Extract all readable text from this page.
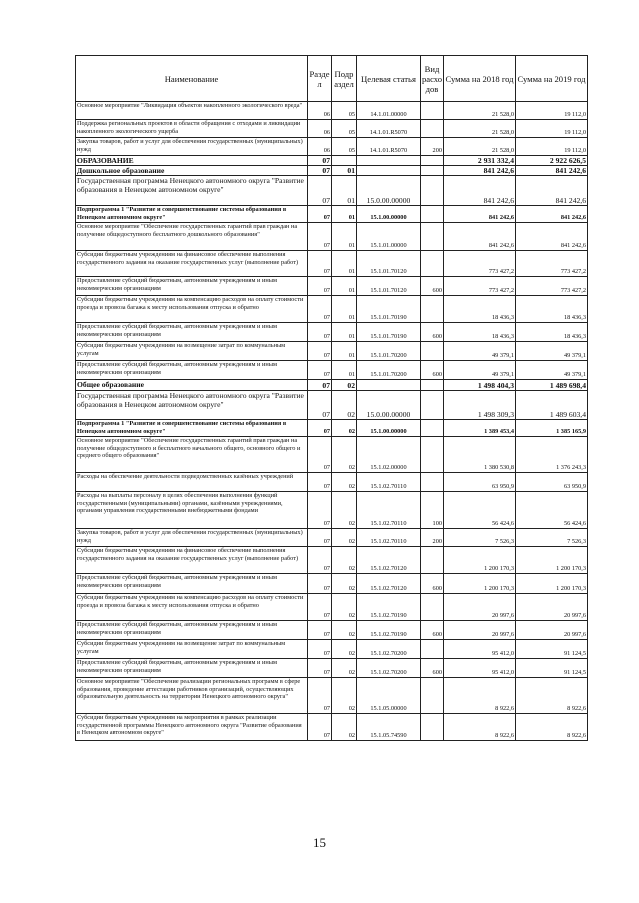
Наименование	Разде л	Подр аздел	Целевая статья	Вид расхо дов	Сумма на 2018 год	Сумма на 2019 год
Основное мероприятие "Ликвидация объектов накопленного экологического вреда"	06	05	14.1.01.00000		21 528,0	19 112,0
Поддержка региональных проектов в области обращения с отходами и ликвидации накопленного экологического ущерба	06	05	14.1.01.R5070		21 528,0	19 112,0
Закупка товаров, работ и услуг для обеспечения государственных (муниципальных) нужд	06	05	14.1.01.R5070	200	21 528,0	19 112,0
ОБРАЗОВАНИЕ	07				2 931 332,4	2 922 626,5
Дошкольное образование	07	01			841 242,6	841 242,6
Государственная программа Ненецкого автономного округа "Развитие образования в Ненецком автономном округе"	07	01	15.0.00.00000		841 242,6	841 242,6
Подпрограмма 1 "Развитие и совершенствование системы образования в Ненецком автономном округе"	07	01	15.1.00.00000		841 242,6	841 242,6
Основное мероприятие "Обеспечение государственных гарантий прав граждан на получение общедоступного бесплатного дошкольного образования"	07	01	15.1.01.00000		841 242,6	841 242,6
Субсидии бюджетным учреждениям на финансовое обеспечение выполнения государственного задания на оказание государственных услуг (выполнение работ)	07	01	15.1.01.70120		773 427,2	773 427,2
Предоставление субсидий бюджетным, автономным учреждениям и иным некоммерческим организациям	07	01	15.1.01.70120	600	773 427,2	773 427,2
Субсидии бюджетным учреждениям на компенсацию расходов на оплату стоимости проезда и провоза багажа к месту использования отпуска и обратно	07	01	15.1.01.70190		18 436,3	18 436,3
Предоставление субсидий бюджетным, автономным учреждениям и иным некоммерческим организациям	07	01	15.1.01.70190	600	18 436,3	18 436,3
Субсидии бюджетным учреждениям на возмещение затрат по коммунальным услугам	07	01	15.1.01.70200		49 379,1	49 379,1
Предоставление субсидий бюджетным, автономным учреждениям и иным некоммерческим организациям	07	01	15.1.01.70200	600	49 379,1	49 379,1
Общее образование	07	02			1 498 404,3	1 489 698,4
Государственная программа Ненецкого автономного округа "Развитие образования в Ненецком автономном округе"	07	02	15.0.00.00000		1 498 309,3	1 489 603,4
Подпрограмма 1 "Развитие и совершенствование системы образования в Ненецком автономном округе"	07	02	15.1.00.00000		1 389 453,4	1 385 165,9
Основное мероприятие "Обеспечение государственных гарантий прав граждан на получение общедоступного и бесплатного начального общего, основного общего и среднего общего образования"	07	02	15.1.02.00000		1 380 530,8	1 376 243,3
Расходы на обеспечение деятельности подведомственных казённых учреждений	07	02	15.1.02.70110		63 950,9	63 950,9
Расходы на выплаты персоналу в целях обеспечения выполнения функций государственными (муниципальными) органами, казёнными учреждениями, органами управления государственными внебюджетными фондами	07	02	15.1.02.70110	100	56 424,6	56 424,6
Закупка товаров, работ и услуг для обеспечения государственных (муниципальных) нужд	07	02	15.1.02.70110	200	7 526,3	7 526,3
Субсидии бюджетным учреждениям на финансовое обеспечение выполнения государственного задания на оказание государственных услуг (выполнение работ)	07	02	15.1.02.70120		1 200 170,3	1 200 170,3
Предоставление субсидий бюджетным, автономным учреждениям и иным некоммерческим организациям	07	02	15.1.02.70120	600	1 200 170,3	1 200 170,3
Субсидии бюджетным учреждениям на компенсацию расходов на оплату стоимости проезда и провоза багажа к месту использования отпуска и обратно	07	02	15.1.02.70190		20 997,6	20 997,6
Предоставление субсидий бюджетным, автономным учреждениям и иным некоммерческим организациям	07	02	15.1.02.70190	600	20 997,6	20 997,6
Субсидии бюджетным учреждениям на возмещение затрат по коммунальным услугам	07	02	15.1.02.70200		95 412,0	91 124,5
Предоставление субсидий бюджетным, автономным учреждениям и иным некоммерческим организациям	07	02	15.1.02.70200	600	95 412,0	91 124,5
Основное мероприятие "Обеспечение реализации региональных программ в сфере образования, проведение аттестации работников организаций, осуществляющих образовательную деятельность на территории Ненецкого автономного округа"	07	02	15.1.05.00000		8 922,6	8 922,6
Субсидии бюджетным учреждениям на мероприятия в рамках реализации государственной программы Ненецкого автономного округа "Развитие образования в Ненецком автономном округе"	07	02	15.1.05.74590		8 922,6	8 922,6
15
